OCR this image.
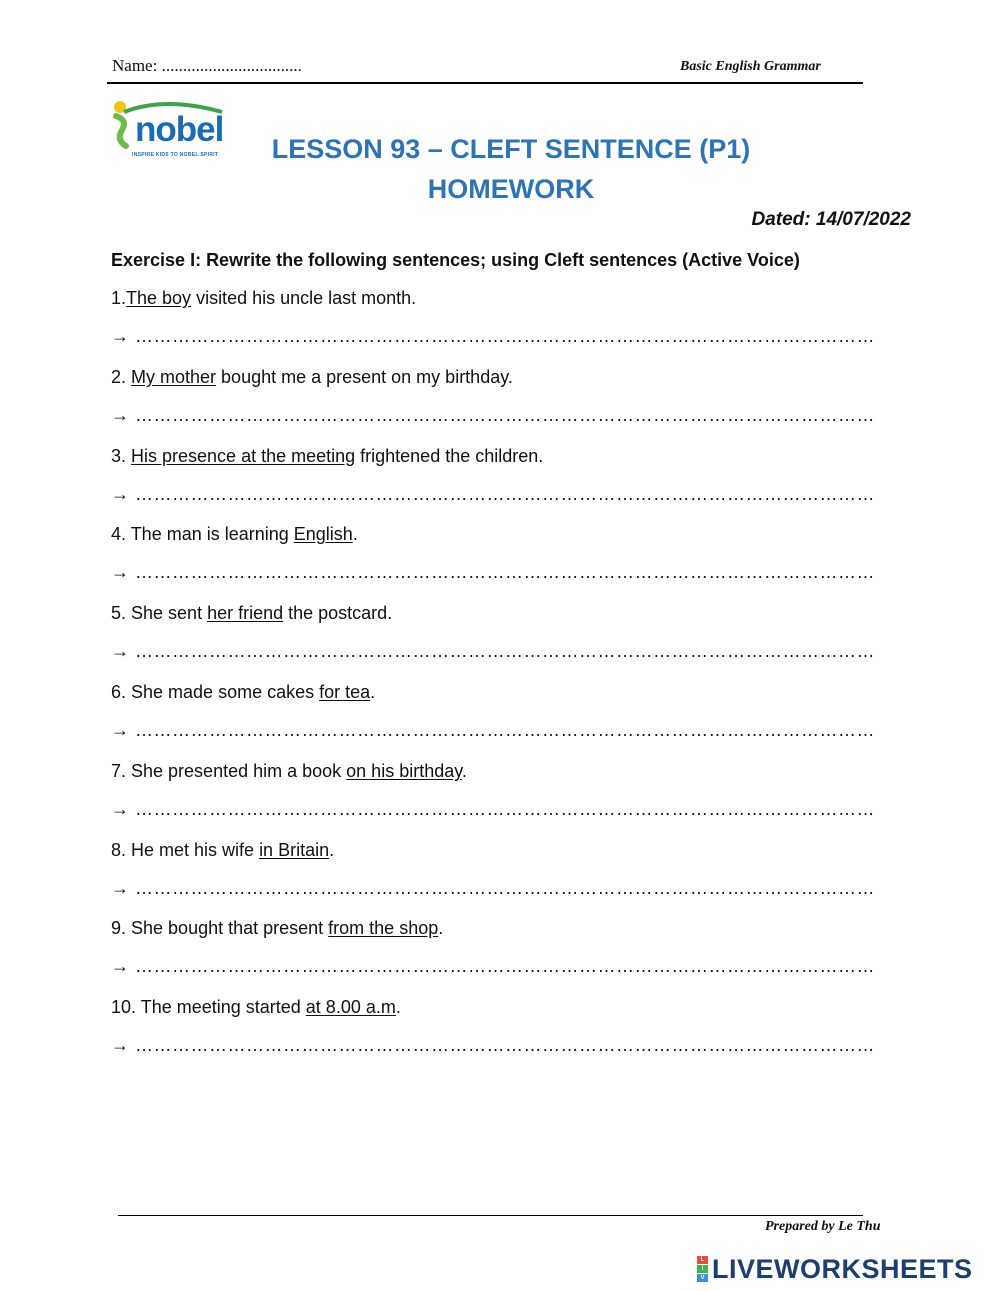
Name: .................................	Basic English Grammar
nobel
INSPIRE KIDS TO NOBEL SPIRIT	LESSON 93 – CLEFT SENTENCE (P1)
HOMEWORK
Dated: 14/07/2022
Exercise I: Rewrite the following sentences; using Cleft sentences (Active Voice)
1.The boy visited his uncle last month.
→ …………………………………………………………………………………………………………
2. My mother bought me a present on my birthday.
→ …………………………………………………………………………………………………………
3. His presence at the meeting frightened the children.
→ …………………………………………………………………………………………………………
4. The man is learning English.
→ …………………………………………………………………………………………………………
5. She sent her friend the postcard.
→ …………………………………………………………………………………………………………
6. She made some cakes for tea.
→ …………………………………………………………………………………………………………
7. She presented him a book on his birthday.
→ …………………………………………………………………………………………………………
8. He met his wife in Britain.
→ …………………………………………………………………………………………………………
9. She bought that present from the shop.
→ …………………………………………………………………………………………………………
10. The meeting started at 8.00 a.m.
→ …………………………………………………………………………………………………………
Prepared by Le Thu
L
I
V LIVEWORKSHEETS
